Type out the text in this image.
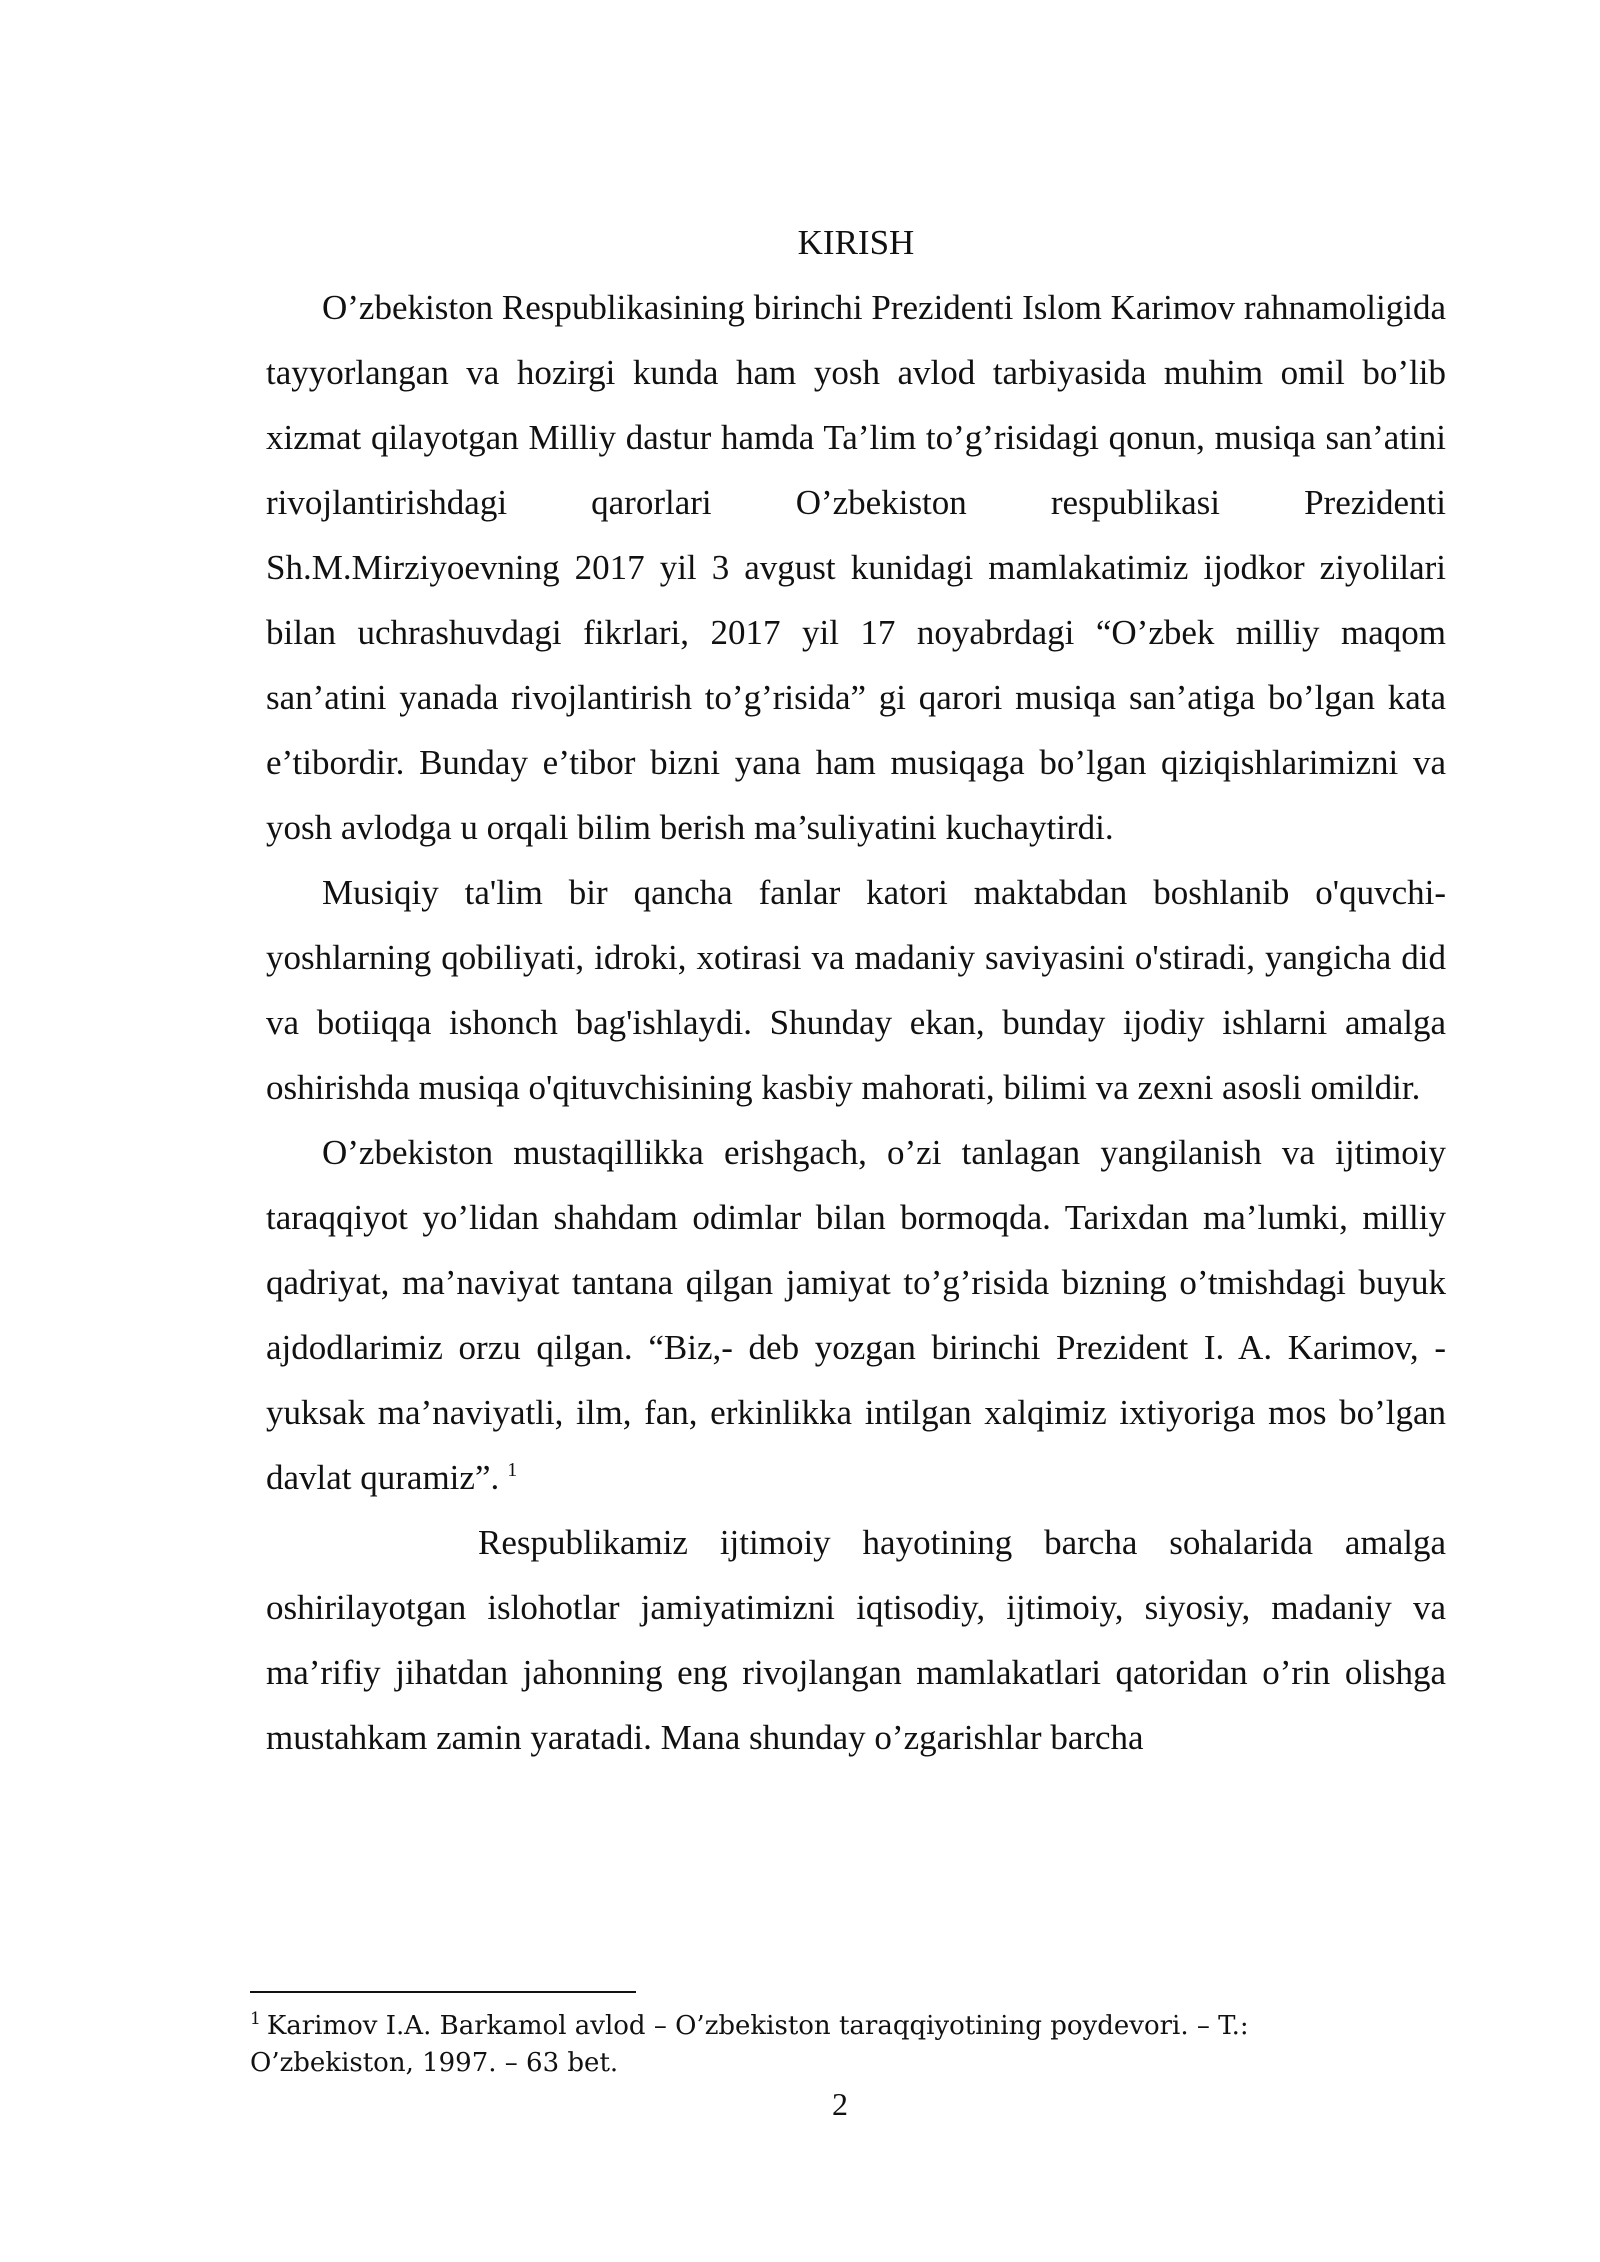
KIRISH

O’zbekiston Respublikasining birinchi Prezidenti Islom Karimov rahnamoligida tayyorlangan va hozirgi kunda ham yosh avlod tarbiyasida muhim omil bo’lib xizmat qilayotgan Milliy dastur hamda Ta’lim to’g’risidagi qonun, musiqa san’atini rivojlantirishdagi qarorlari O’zbekiston respublikasi Prezidenti Sh.M.Mirziyoevning 2017 yil 3 avgust kunidagi mamlakatimiz ijodkor ziyolilari bilan uchrashuvdagi fikrlari, 2017 yil 17 noyabrdagi “O’zbek milliy maqom san’atini yanada rivojlantirish to’g’risida” gi qarori musiqa san’atiga bo’lgan kata e’tibordir. Bunday e’tibor bizni yana ham musiqaga bo’lgan qiziqishlarimizni va yosh avlodga u orqali bilim berish ma’suliyatini kuchaytirdi.

Musiqiy ta'lim bir qancha fanlar katori maktabdan boshlanib o'quvchi-yoshlarning qobiliyati, idroki, xotirasi va madaniy saviyasini o'stiradi, yangicha did va botiiqqa ishonch bag'ishlaydi. Shunday ekan, bunday ijodiy ishlarni amalga oshirishda musiqa o'qituvchisining kasbiy mahorati, bilimi va zexni asosli omildir.

O’zbekiston mustaqillikka erishgach, o’zi tanlagan yangilanish va ijtimoiy taraqqiyot yo’lidan shahdam odimlar bilan bormoqda. Tarixdan ma’lumki, milliy qadriyat, ma’naviyat tantana qilgan jamiyat to’g’risida bizning o’tmishdagi buyuk ajdodlarimiz orzu qilgan. “Biz,- deb yozgan birinchi Prezident I. A. Karimov, - yuksak ma’naviyatli, ilm, fan, erkinlikka intilgan xalqimiz ixtiyoriga mos bo’lgan davlat quramiz”. $^1$

Respublikamiz ijtimoiy hayotining barcha sohalarida amalga oshirilayotgan islohotlar jamiyatimizni iqtisodiy, ijtimoiy, siyosiy, madaniy va ma’rifiy jihatdan jahonning eng rivojlangan mamlakatlari qatoridan o’rin olishga mustahkam zamin yaratadi. Mana shunday o’zgarishlar barcha

$^1$ Karimov I.A. Barkamol avlod – O’zbekiston taraqqiyotining poydevori. – T.: O’zbekiston, 1997. – 63 bet.
2
